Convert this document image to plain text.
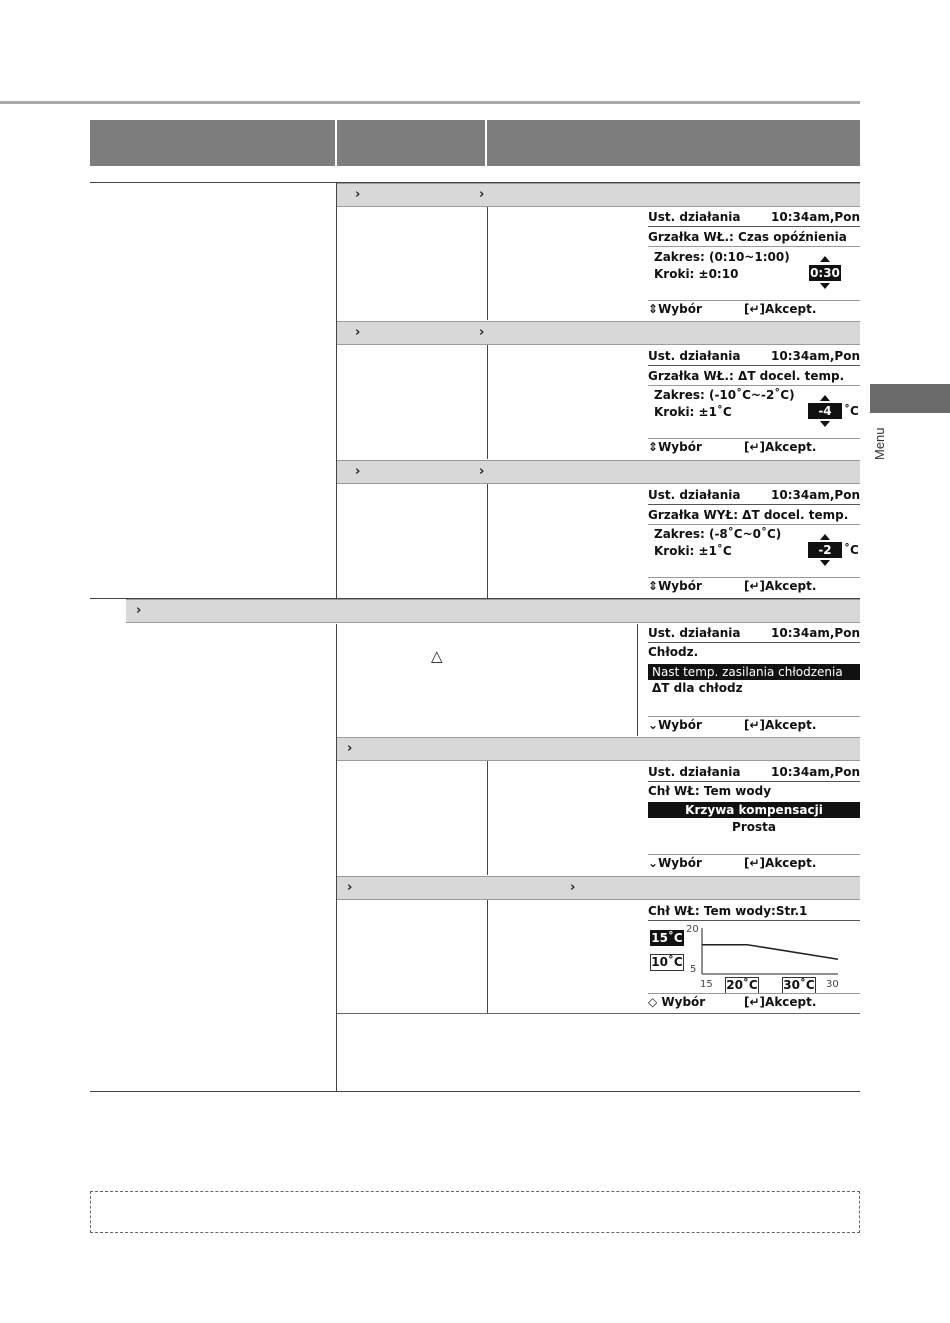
›	›
Ust. działania	10:34am,Pon
Grzałka WŁ.: Czas opóźnienia
Zakres: (0:10~1:00)
Kroki: ±0:10	0:30
⇕Wybór	[↵]Akcept.
›	›
Ust. działania	10:34am,Pon
Grzałka WŁ.: ΔT docel. temp.
Zakres: (-10˚C~-2˚C)
Kroki: ±1˚C	-4	˚C
⇕Wybór	[↵]Akcept.
›	›
Ust. działania	10:34am,Pon
Grzałka WYŁ: ΔT docel. temp.
Zakres: (-8˚C~0˚C)
Kroki: ±1˚C	-2	˚C
⇕Wybór	[↵]Akcept.
›
△
Ust. działania	10:34am,Pon
Chłodz.
Nast temp. zasilania chłodzenia
ΔT dla chłodz
⌄Wybór	[↵]Akcept.
›
Ust. działania	10:34am,Pon
Chł WŁ: Tem wody
Krzywa kompensacji
Prosta
⌄Wybór	[↵]Akcept.
›	›
Chł WŁ: Tem wody:Str.1
15˚C
10˚C
20
5
15	30
20˚C 30˚C
◇ Wybór	[↵]Akcept.
Menu
